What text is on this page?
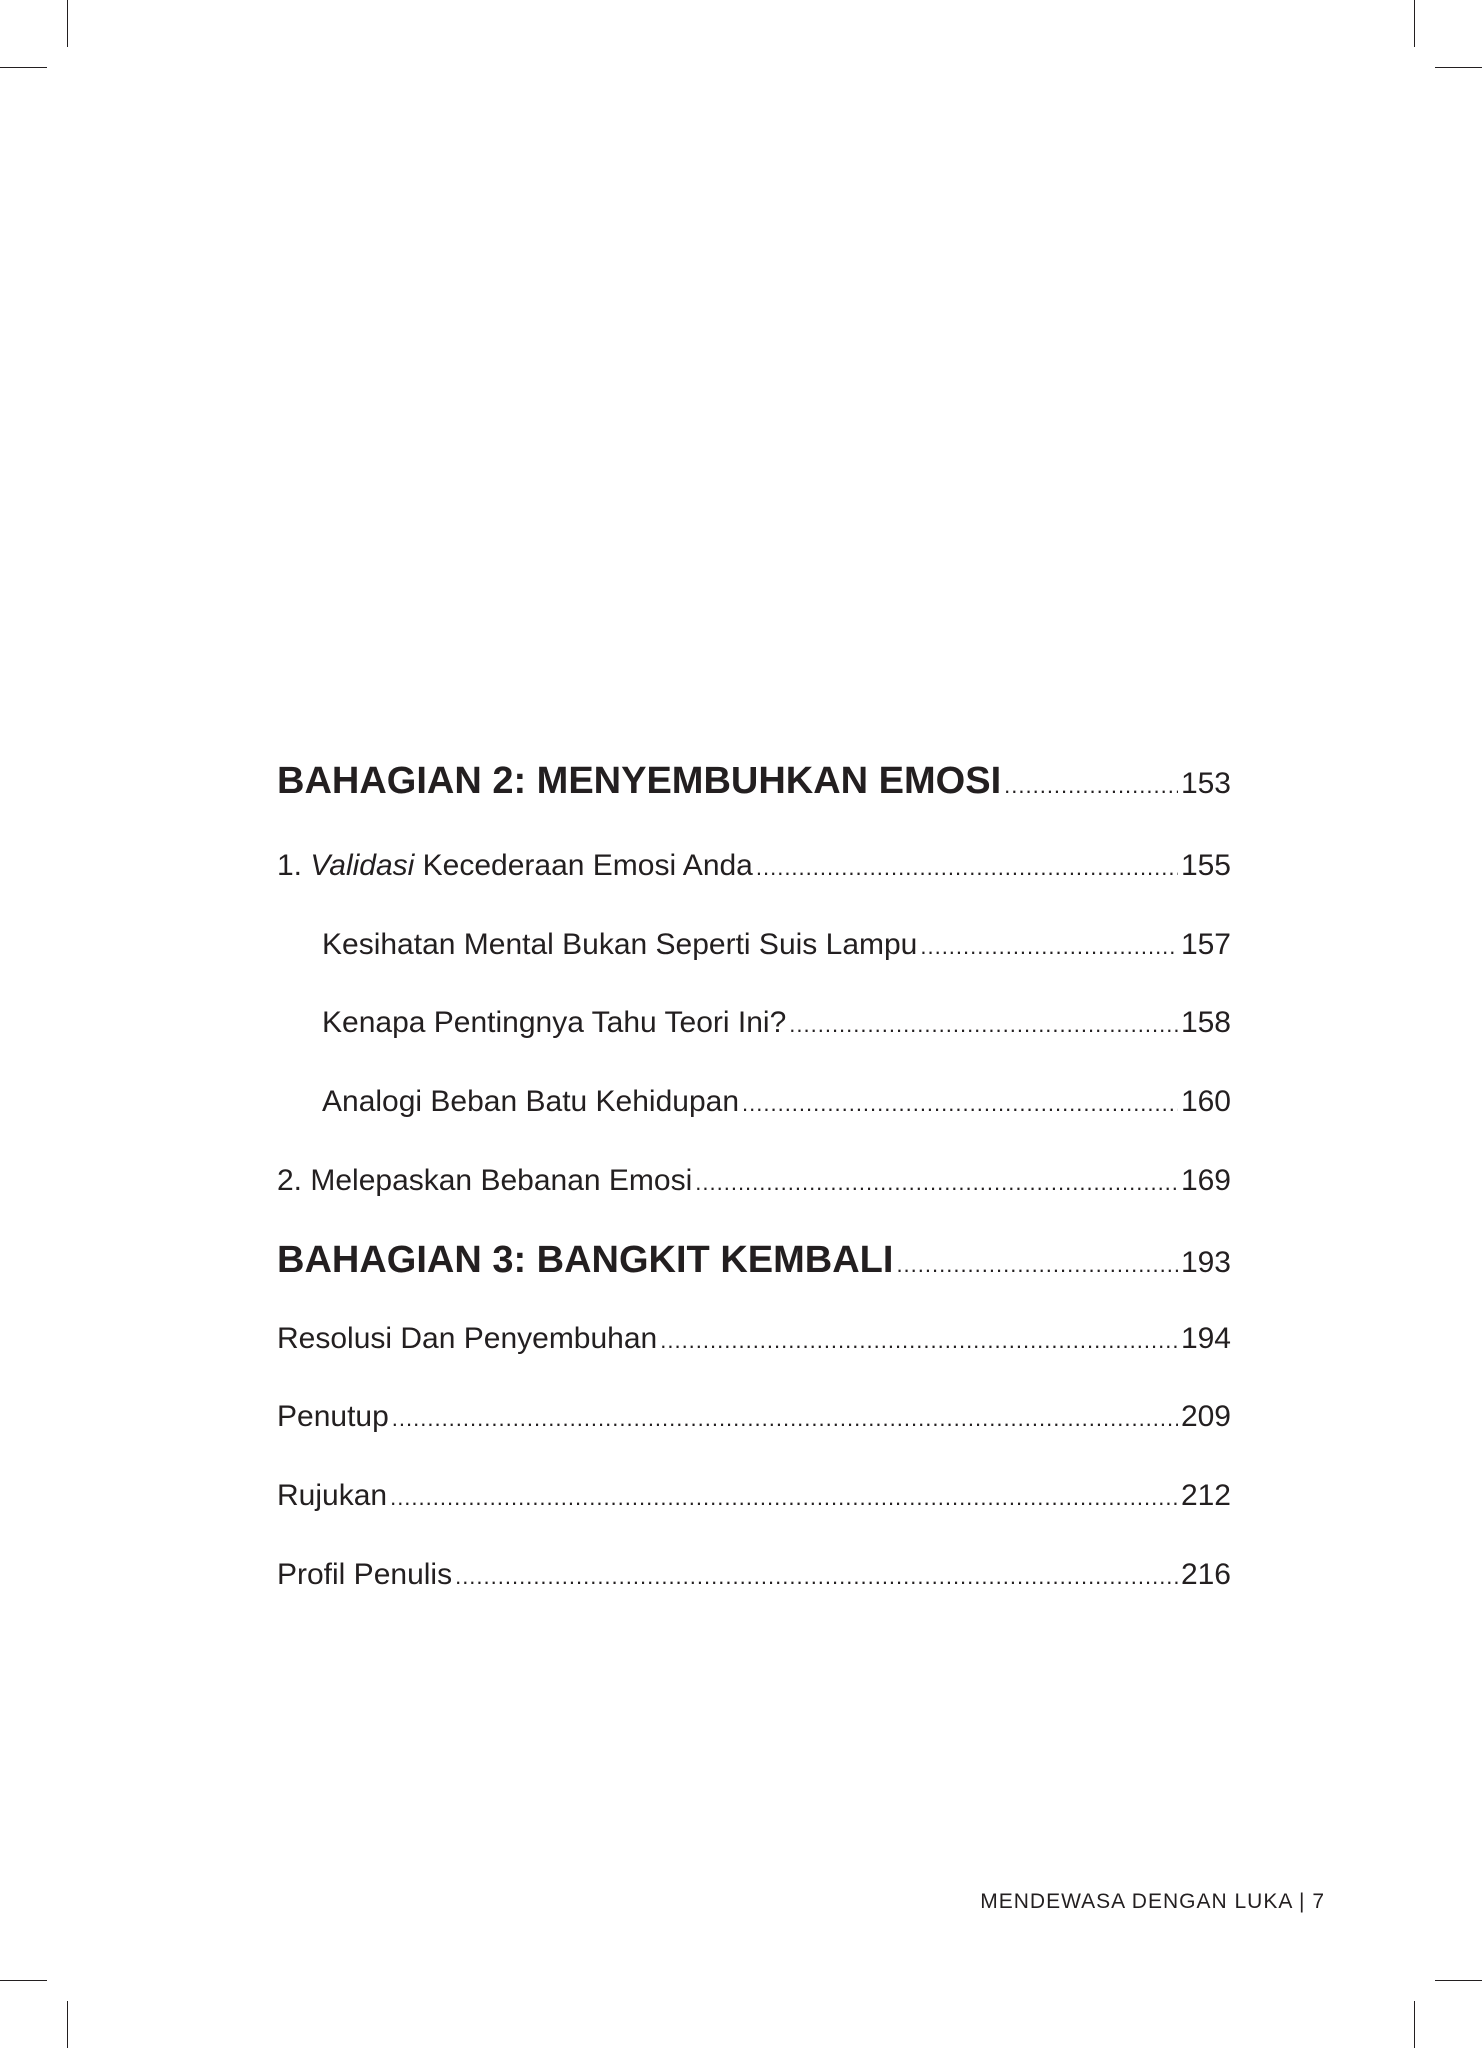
BAHAGIAN 2: MENYEMBUHKAN EMOSI .....	153
1. Validasi Kecederaan Emosi Anda .....	155
Kesihatan Mental Bukan Seperti Suis Lampu .....	157
Kenapa Pentingnya Tahu Teori Ini? .....	158
Analogi Beban Batu Kehidupan .....	160
2. Melepaskan Bebanan Emosi .....	169
BAHAGIAN 3: BANGKIT KEMBALI .....	193
Resolusi Dan Penyembuhan .....	194
Penutup .....	209
Rujukan .....	212
Profil Penulis .....	216
MENDEWASA DENGAN LUKA | 7
